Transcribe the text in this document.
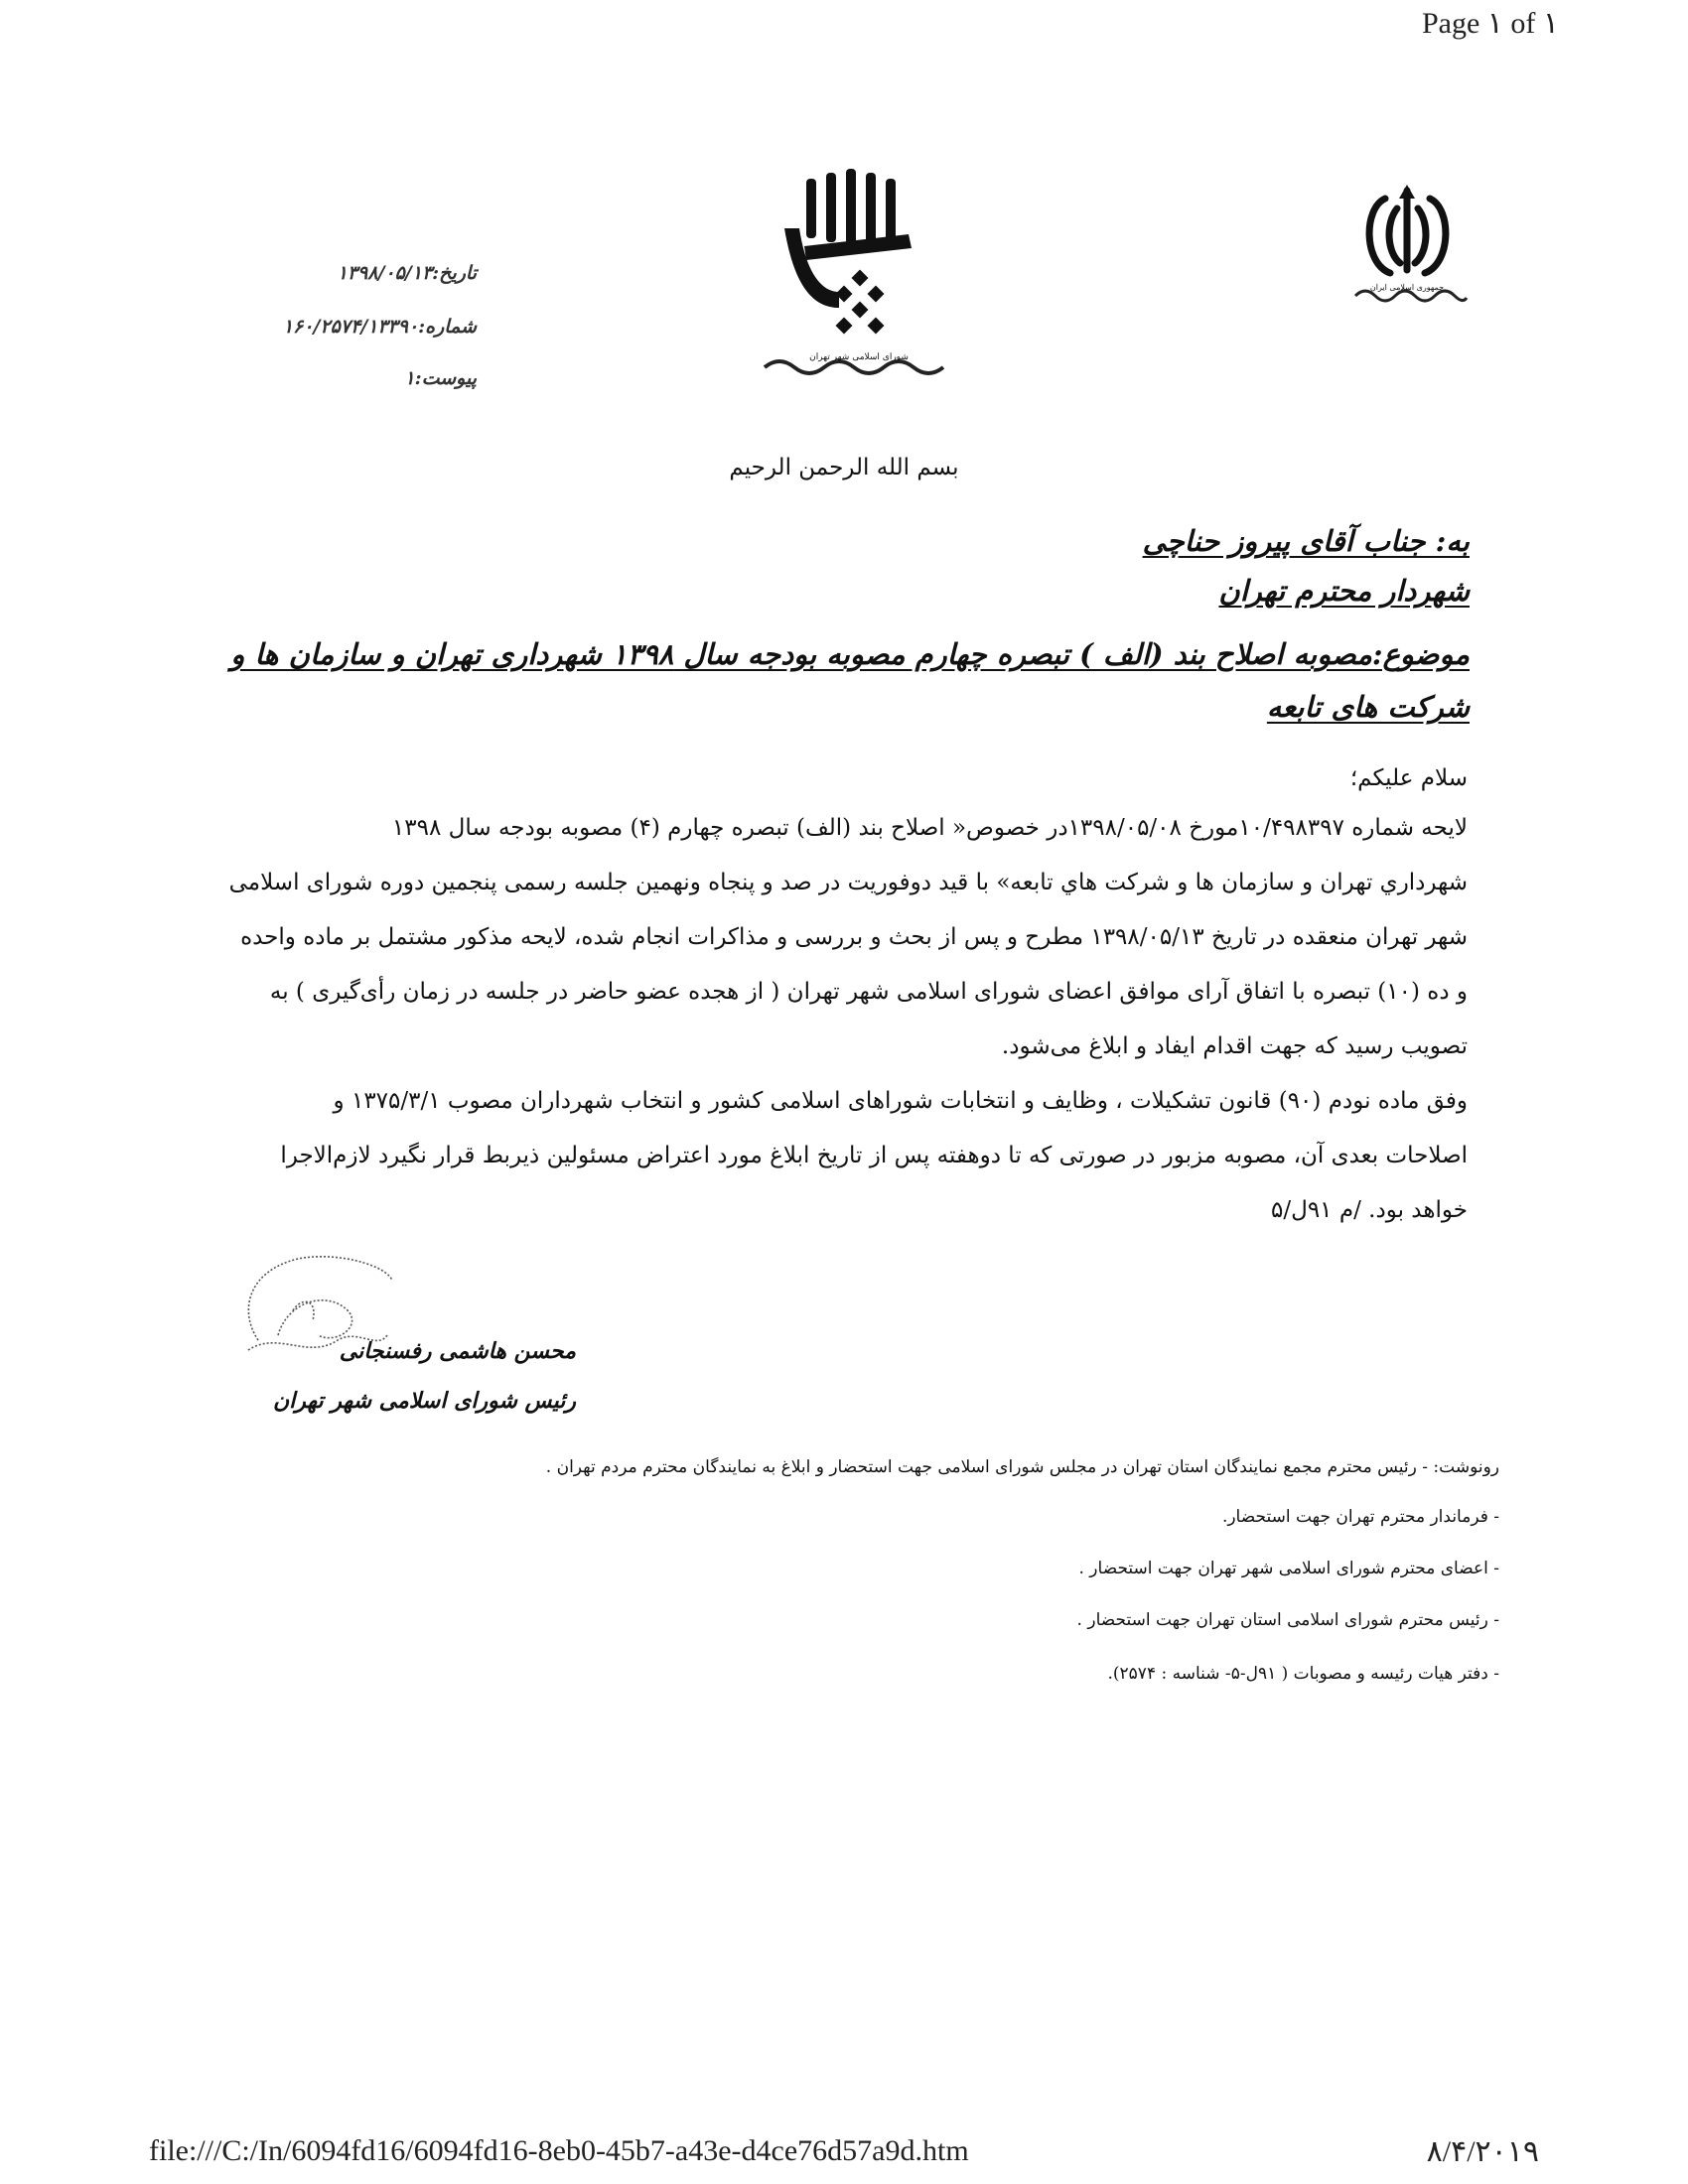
Page ۱ of ۱
جمهوری اسلامی ایران
شورای اسلامی شهر تهران
تاریخ:۱۳۹۸/۰۵/۱۳
شماره:۱۶۰/۲۵۷۴/۱۳۳۹۰
پیوست:۱
بسم الله الرحمن الرحیم
به: جناب آقای پیروز حناچی
شهردار محترم تهران
موضوع:مصوبه اصلاح بند (الف ) تبصره چهارم مصوبه بودجه سال ۱۳۹۸ شهرداری تهران و سازمان ها و
شرکت های تابعه
سلام علیکم؛
لایحه شماره ۱۰/۴۹۸۳۹۷مورخ ۱۳۹۸/۰۵/۰۸در خصوص« اصلاح بند (الف) تبصره چهارم (۴) مصوبه بودجه سال ۱۳۹۸
شهرداري تهران و سازمان ها و شركت هاي تابعه» با قید دوفوریت در صد و پنجاه ونهمین جلسه رسمی پنجمین دوره شورای اسلامی
شهر تهران منعقده در تاریخ ۱۳۹۸/۰۵/۱۳ مطرح و پس از بحث و بررسی و مذاکرات انجام شده، لایحه مذکور مشتمل بر ماده واحده
و ده (۱۰) تبصره با اتفاق آرای موافق اعضای شورای اسلامی شهر تهران ( از هجده عضو حاضر در جلسه در زمان رأی‌گیری ) به
تصویب رسید که جهت اقدام ایفاد و ابلاغ می‌شود.
وفق ماده نودم (۹۰) قانون تشکیلات ، وظایف و انتخابات شوراهای اسلامی کشور و انتخاب شهرداران مصوب ۱۳۷۵/۳/۱ و
اصلاحات بعدی آن، مصوبه مزبور در صورتی که تا دوهفته پس از تاریخ ابلاغ مورد اعتراض مسئولین ذیربط قرار نگیرد لازم‌الاجرا
خواهد بود. /م ۹۱ل/۵
محسن هاشمی رفسنجانی
رئیس شورای اسلامی شهر تهران
رونوشت: - رئیس محترم مجمع نمایندگان استان تهران در مجلس شورای اسلامی جهت استحضار و ابلاغ به نمایندگان محترم مردم تهران .
- فرماندار محترم تهران جهت استحضار.
- اعضای محترم شورای اسلامی شهر تهران جهت استحضار .
- رئیس محترم شورای اسلامی استان تهران جهت استحضار .
- دفتر هیات رئیسه و مصوبات ( ۹۱ل-۵- شناسه : ۲۵۷۴).
file:///C:/In/6094fd16/6094fd16-8eb0-45b7-a43e-d4ce76d57a9d.htm	۸/۴/۲۰۱۹
